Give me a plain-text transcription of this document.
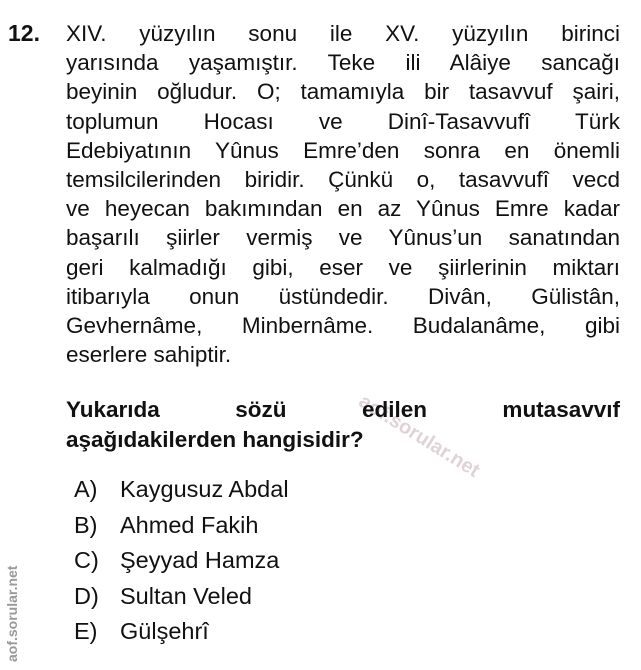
aof.sorular.net
aof.sorular.net
12. XIV. yüzyılın sonu ile XV. yüzyılın birinci
yarısında yaşamıştır. Teke ili Alâiye sancağı
beyinin oğludur. O; tamamıyla bir tasavvuf şairi,
toplumun Hocası ve Dinî-Tasavvufî Türk
Edebiyatının Yûnus Emre’den sonra en önemli
temsilcilerinden biridir. Çünkü o, tasavvufî vecd
ve heyecan bakımından en az Yûnus Emre kadar
başarılı şiirler vermiş ve Yûnus’un sanatından
geri kalmadığı gibi, eser ve şiirlerinin miktarı
itibarıyla onun üstündedir. Divân, Gülistân,
Gevhernâme, Minbernâme. Budalanâme, gibi
eserlere sahiptir.
Yukarıda sözü edilen mutasavvıf
aşağıdakilerden hangisidir?
A) Kaygusuz Abdal
B) Ahmed Fakih
C) Şeyyad Hamza
D) Sultan Veled
E) Gülşehrî
